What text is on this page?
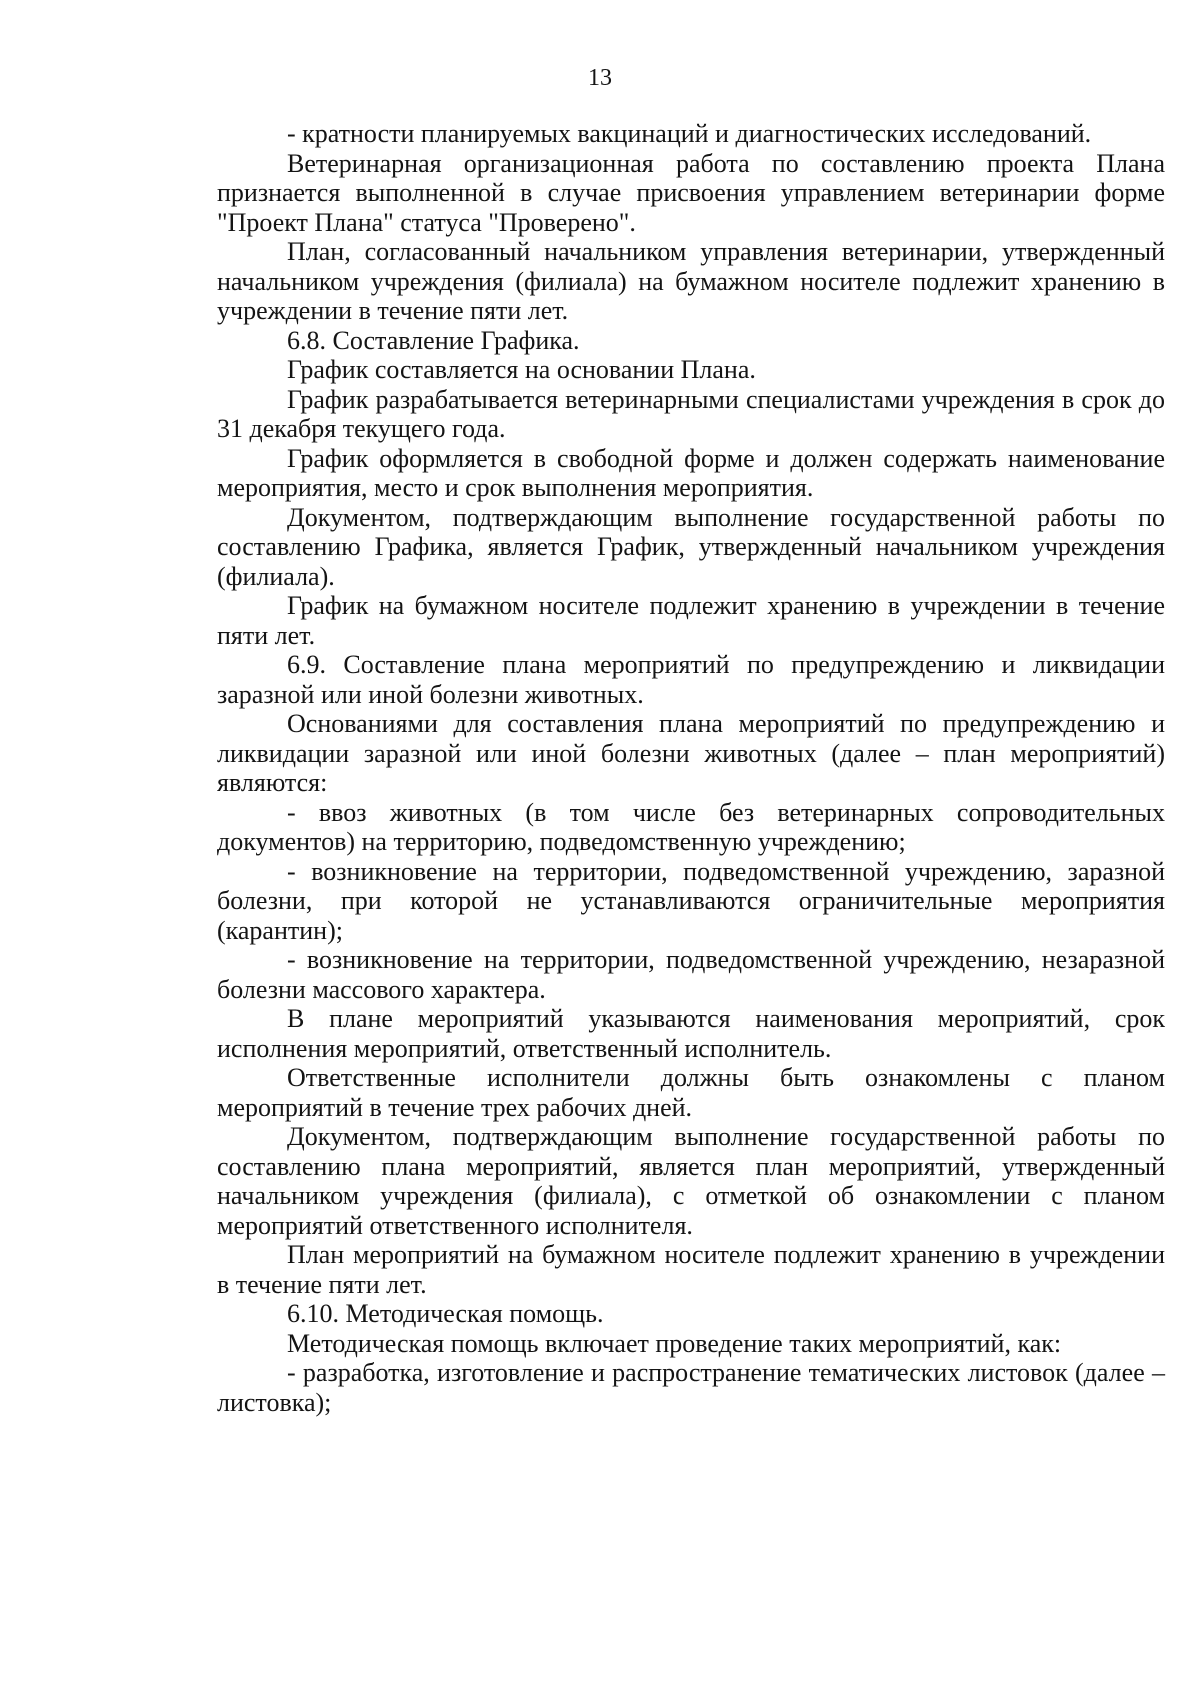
13

- кратности планируемых вакцинаций и диагностических исследований.

Ветеринарная организационная работа по составлению проекта Плана признается выполненной в случае присвоения управлением ветеринарии форме "Проект Плана" статуса "Проверено".

План, согласованный начальником управления ветеринарии, утвержденный начальником учреждения (филиала) на бумажном носителе подлежит хранению в учреждении в течение пяти лет.

6.8. Составление Графика.

График составляется на основании Плана.

График разрабатывается ветеринарными специалистами учреждения в срок до 31 декабря текущего года.

График оформляется в свободной форме и должен содержать наименование мероприятия, место и срок выполнения мероприятия.

Документом, подтверждающим выполнение государственной работы по составлению Графика, является График, утвержденный начальником учреждения (филиала).

График на бумажном носителе подлежит хранению в учреждении в течение пяти лет.

6.9. Составление плана мероприятий по предупреждению и ликвидации заразной или иной болезни животных.

Основаниями для составления плана мероприятий по предупреждению и ликвидации заразной или иной болезни животных (далее – план мероприятий) являются:

- ввоз животных (в том числе без ветеринарных сопроводительных документов) на территорию, подведомственную учреждению;

- возникновение на территории, подведомственной учреждению, заразной болезни, при которой не устанавливаются ограничительные мероприятия (карантин);

- возникновение на территории, подведомственной учреждению, незаразной болезни массового характера.

В плане мероприятий указываются наименования мероприятий, срок исполнения мероприятий, ответственный исполнитель.

Ответственные исполнители должны быть ознакомлены с планом мероприятий в течение трех рабочих дней.

Документом, подтверждающим выполнение государственной работы по составлению плана мероприятий, является план мероприятий, утвержденный начальником учреждения (филиала), с отметкой об ознакомлении с планом мероприятий ответственного исполнителя.

План мероприятий на бумажном носителе подлежит хранению в учреждении в течение пяти лет.

6.10. Методическая помощь.

Методическая помощь включает проведение таких мероприятий, как:

- разработка, изготовление и распространение тематических листовок (далее – листовка);
